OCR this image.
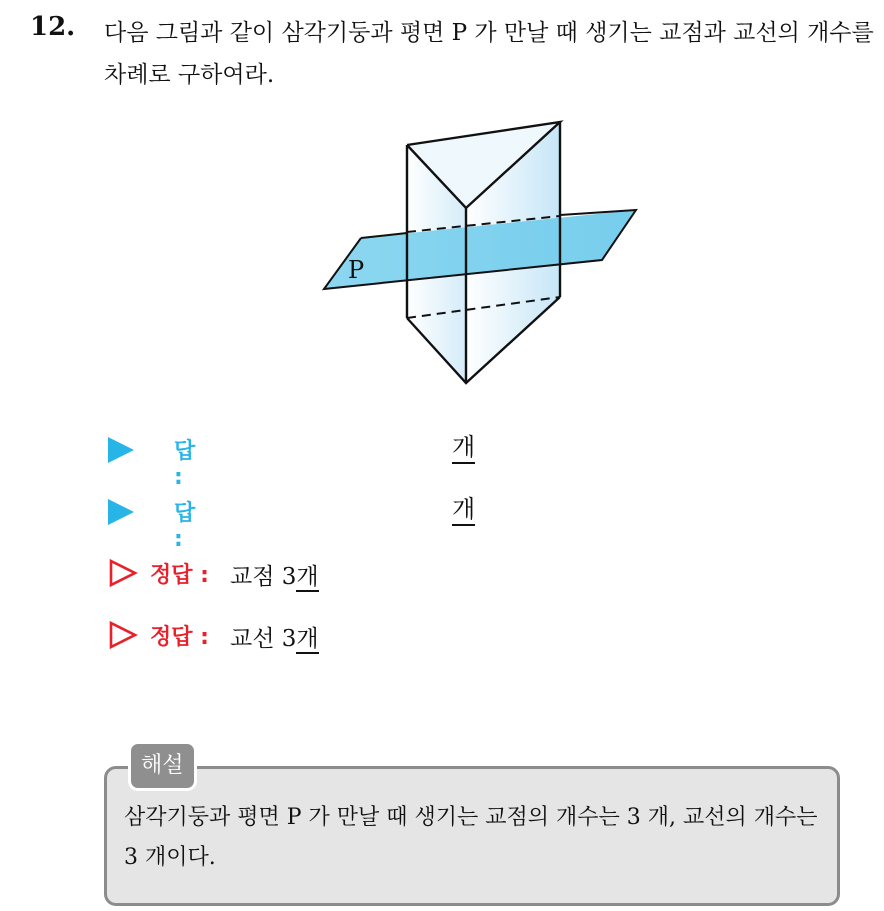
12. 다음 그림과 같이 삼각기둥과 평면 P 가 만날 때 생기는 교점과 교선의 개수를 차례로 구하여라.
P
답 :
개
답 :
개
정답 : 교점 3개
정답 : 교선 3개
해설
삼각기둥과 평면 P 가 만날 때 생기는 교점의 개수는 3 개, 교선의 개수는 3 개이다.
